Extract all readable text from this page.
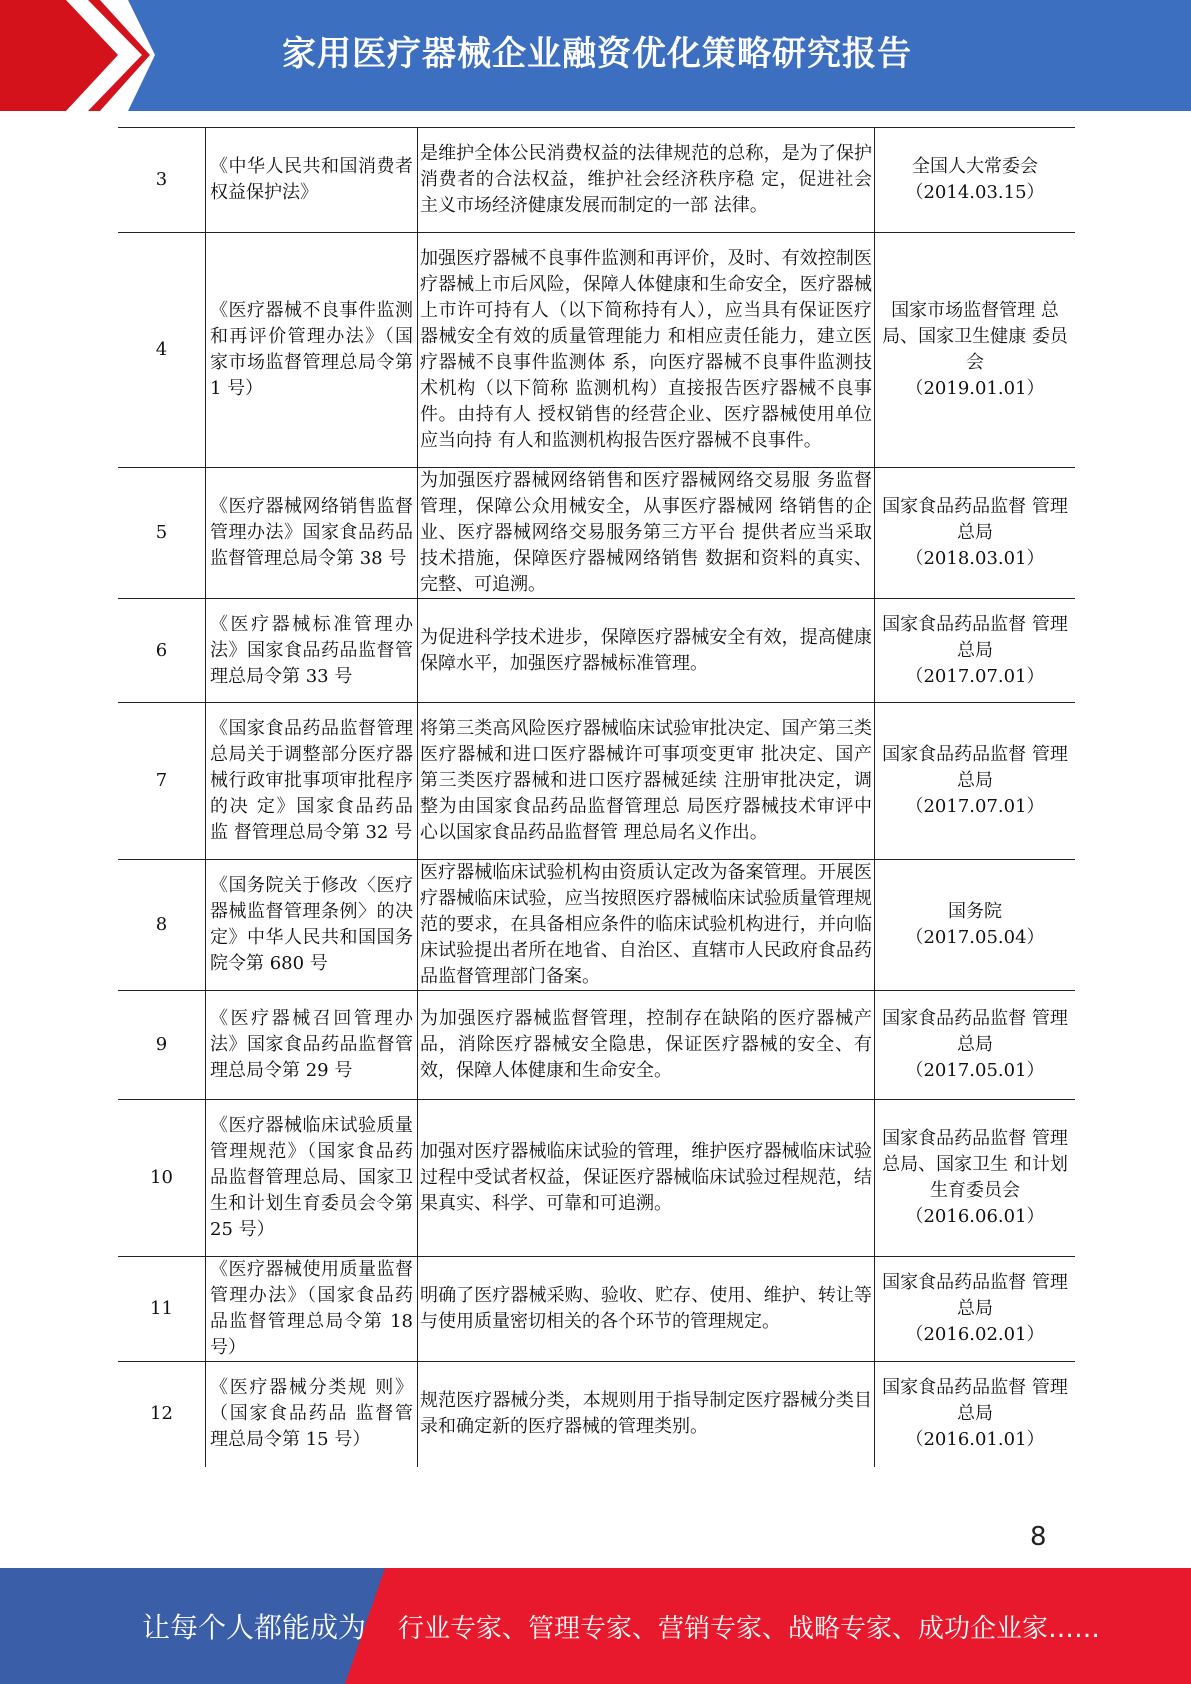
家用医疗器械企业融资优化策略研究报告
3	《中华人民共和国消费者权益保护法》	是维护全体公民消费权益的法律规范的总称，是为了保护消费者的合法权益，维护社会经济秩序稳 定，促进社会主义市场经济健康发展而制定的一部 法律。	全国人大常委会
（2014.03.15）
4	《医疗器械不良事件监测和再评价管理办法》（国家市场监督管理总局令第 1 号）	加强医疗器械不良事件监测和再评价，及时、有效控制医疗器械上市后风险，保障人体健康和生命安全，医疗器械上市许可持有人（以下简称持有人），应当具有保证医疗器械安全有效的质量管理能力 和相应责任能力，建立医疗器械不良事件监测体 系，向医疗器械不良事件监测技术机构（以下简称 监测机构）直接报告医疗器械不良事件。由持有人 授权销售的经营企业、医疗器械使用单位应当向持 有人和监测机构报告医疗器械不良事件。	国家市场监督管理 总局、国家卫生健康 委员会
（2019.01.01）
5	《医疗器械网络销售监督管理办法》国家食品药品监督管理总局令第 38 号	为加强医疗器械网络销售和医疗器械网络交易服 务监督管理，保障公众用械安全，从事医疗器械网 络销售的企业、医疗器械网络交易服务第三方平台 提供者应当采取技术措施，保障医疗器械网络销售 数据和资料的真实、完整、可追溯。	国家食品药品监督 管理总局
（2018.03.01）
6	《医疗器械标准管理办法》国家食品药品监督管理总局令第 33 号	为促进科学技术进步，保障医疗器械安全有效，提高健康保障水平，加强医疗器械标准管理。	国家食品药品监督 管理总局
（2017.07.01）
7	《国家食品药品监督管理总局关于调整部分医疗器械行政审批事项审批程序的决 定》国家食品药品监 督管理总局令第 32 号	将第三类高风险医疗器械临床试验审批决定、国产第三类医疗器械和进口医疗器械许可事项变更审 批决定、国产第三类医疗器械和进口医疗器械延续 注册审批决定，调整为由国家食品药品监督管理总 局医疗器械技术审评中心以国家食品药品监督管 理总局名义作出。	国家食品药品监督 管理总局
（2017.07.01）
8	《国务院关于修改〈医疗器械监督管理条例〉的决定》中华人民共和国国务院令第 680 号	医疗器械临床试验机构由资质认定改为备案管理。开展医疗器械临床试验，应当按照医疗器械临床试验质量管理规范的要求，在具备相应条件的临床试验机构进行，并向临床试验提出者所在地省、自治区、直辖市人民政府食品药品监督管理部门备案。	国务院
（2017.05.04）
9	《医疗器械召回管理办法》国家食品药品监督管理总局令第 29 号	为加强医疗器械监督管理，控制存在缺陷的医疗器械产品，消除医疗器械安全隐患，保证医疗器械的安全、有效，保障人体健康和生命安全。	国家食品药品监督 管理总局
（2017.05.01）
10	《医疗器械临床试验质量管理规范》（国家食品药品监督管理总局、国家卫生和计划生育委员会令第 25 号）	加强对医疗器械临床试验的管理，维护医疗器械临床试验过程中受试者权益，保证医疗器械临床试验过程规范，结果真实、科学、可靠和可追溯。	国家食品药品监督 管理总局、国家卫生 和计划生育委员会
（2016.06.01）
11	《医疗器械使用质量监督管理办法》（国家食品药品监督管理总局令第 18 号）	明确了医疗器械采购、验收、贮存、使用、维护、转让等与使用质量密切相关的各个环节的管理规定。	国家食品药品监督 管理总局
（2016.02.01）
12	《医疗器械分类规 则》（国家食品药品 监督管理总局令第 15 号）	规范医疗器械分类，本规则用于指导制定医疗器械分类目录和确定新的医疗器械的管理类别。	国家食品药品监督 管理总局
（2016.01.01）
8
让每个人都能成为 行业专家、管理专家、营销专家、战略专家、成功企业家……
